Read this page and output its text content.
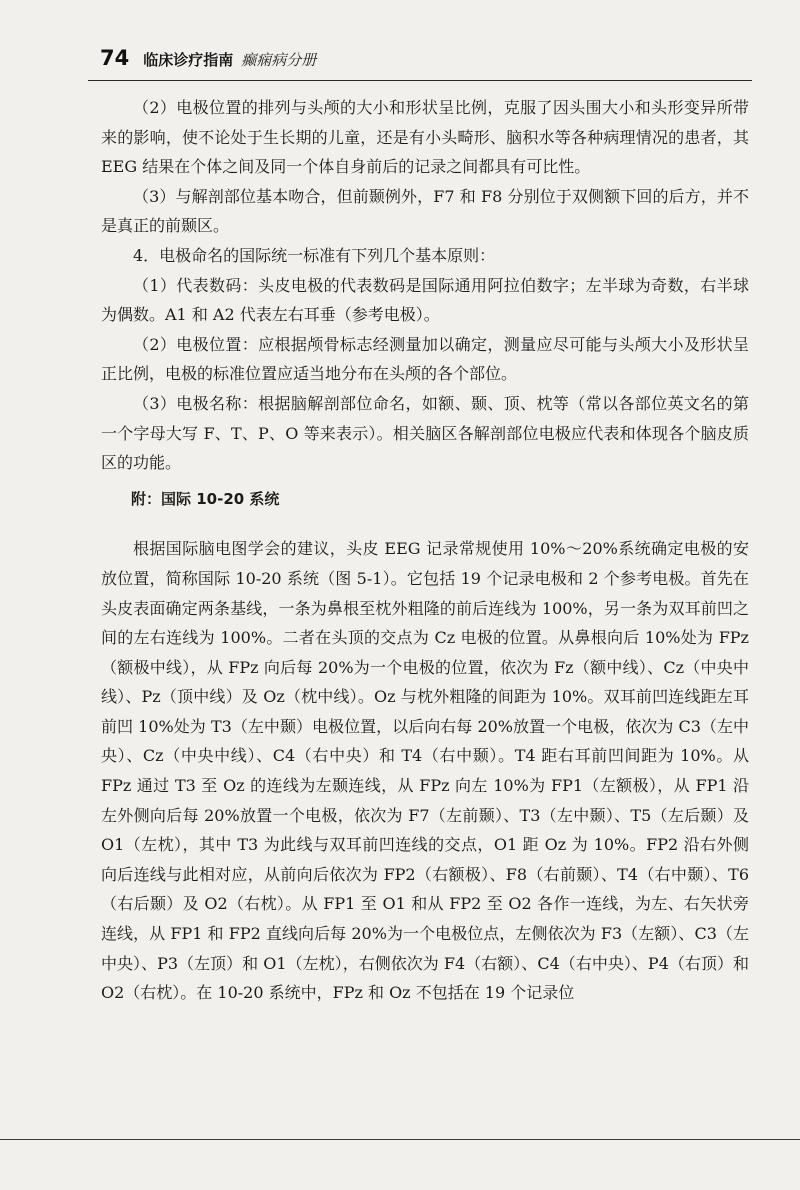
74 临床诊疗指南 癫痫病分册

（2）电极位置的排列与头颅的大小和形状呈比例，克服了因头围大小和头形变异所带来的影响，使不论处于生长期的儿童，还是有小头畸形、脑积水等各种病理情况的患者，其 EEG 结果在个体之间及同一个体自身前后的记录之间都具有可比性。

（3）与解剖部位基本吻合，但前颞例外，F7 和 F8 分别位于双侧额下回的后方，并不是真正的前颞区。

4．电极命名的国际统一标准有下列几个基本原则：

（1）代表数码：头皮电极的代表数码是国际通用阿拉伯数字；左半球为奇数，右半球为偶数。A1 和 A2 代表左右耳垂（参考电极）。

（2）电极位置：应根据颅骨标志经测量加以确定，测量应尽可能与头颅大小及形状呈正比例，电极的标准位置应适当地分布在头颅的各个部位。

（3）电极名称：根据脑解剖部位命名，如额、颞、顶、枕等（常以各部位英文名的第一个字母大写 F、T、P、O 等来表示）。相关脑区各解剖部位电极应代表和体现各个脑皮质区的功能。

附：国际 10-20 系统

根据国际脑电图学会的建议，头皮 EEG 记录常规使用 10%～20%系统确定电极的安放位置，简称国际 10-20 系统（图 5-1）。它包括 19 个记录电极和 2 个参考电极。首先在头皮表面确定两条基线，一条为鼻根至枕外粗隆的前后连线为 100%，另一条为双耳前凹之间的左右连线为 100%。二者在头顶的交点为 Cz 电极的位置。从鼻根向后 10%处为 FPz（额极中线），从 FPz 向后每 20%为一个电极的位置，依次为 Fz（额中线）、Cz（中央中线）、Pz（顶中线）及 Oz（枕中线）。Oz 与枕外粗隆的间距为 10%。双耳前凹连线距左耳前凹 10%处为 T3（左中颞）电极位置，以后向右每 20%放置一个电极，依次为 C3（左中央）、Cz（中央中线）、C4（右中央）和 T4（右中颞）。T4 距右耳前凹间距为 10%。从 FPz 通过 T3 至 Oz 的连线为左颞连线，从 FPz 向左 10%为 FP1（左额极），从 FP1 沿左外侧向后每 20%放置一个电极，依次为 F7（左前颞）、T3（左中颞）、T5（左后颞）及 O1（左枕），其中 T3 为此线与双耳前凹连线的交点，O1 距 Oz 为 10%。FP2 沿右外侧向后连线与此相对应，从前向后依次为 FP2（右额极）、F8（右前颞）、T4（右中颞）、T6（右后颞）及 O2（右枕）。从 FP1 至 O1 和从 FP2 至 O2 各作一连线，为左、右矢状旁连线，从 FP1 和 FP2 直线向后每 20%为一个电极位点，左侧依次为 F3（左额）、C3（左中央）、P3（左顶）和 O1（左枕），右侧依次为 F4（右额）、C4（右中央）、P4（右顶）和 O2（右枕）。在 10-20 系统中，FPz 和 Oz 不包括在 19 个记录位
